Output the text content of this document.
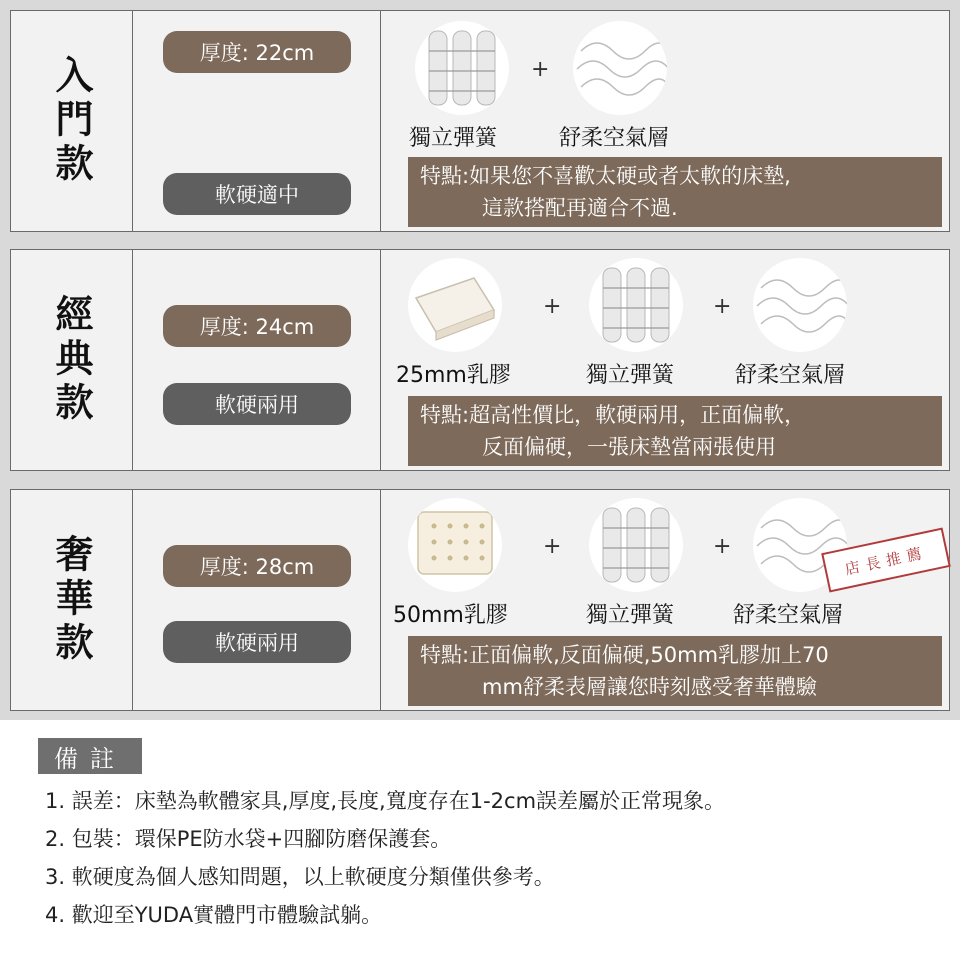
入門款
厚度: 22cm
軟硬適中
+
獨立彈簧	舒柔空氣層
特點:如果您不喜歡太硬或者太軟的床墊,
這款搭配再適合不過.
經典款	厚度: 24cm
軟硬兩用
+	+
25mm乳膠	獨立彈簧	舒柔空氣層
特點:超高性價比，軟硬兩用，正面偏軟，
反面偏硬，一張床墊當兩張使用
奢華款	厚度: 28cm
軟硬兩用
+	+
50mm乳膠	獨立彈簧	舒柔空氣層
特點:正面偏軟,反面偏硬,50mm乳膠加上70
mm舒柔表層讓您時刻感受奢華體驗
店長推薦
備註
1. 誤差：床墊為軟體家具,厚度,長度,寬度存在1-2cm誤差屬於正常現象。
2. 包裝：環保PE防水袋+四腳防磨保護套。
3. 軟硬度為個人感知問題，以上軟硬度分類僅供參考。
4. 歡迎至YUDA實體門市體驗試躺。
